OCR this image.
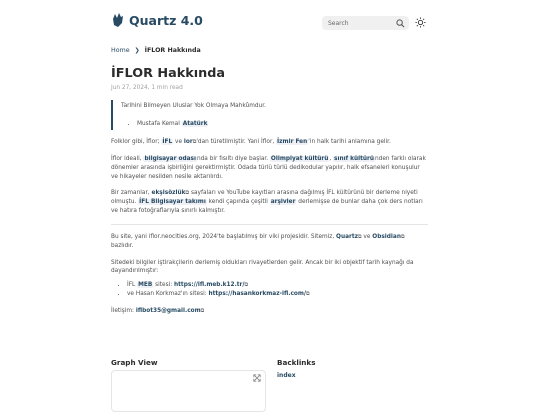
Quartz 4.0	Search
Home ❯ İFLOR Hakkında
İFLOR Hakkında
Jun 27, 2024, 1 min read
Tarihini Bilmeyen Uluslar Yok Olmaya Mahkûmdur.
• Mustafa Kemal Atatürk

Folklor gibi, İflor; İFL ve lor⧉'dan türetilmiştir. Yani İflor, İzmir Fen'in halk tarihi anlamına gelir.

İflor ideali, bilgisayar odasında bir fısıltı diye başlar. Olimpiyat kültürü, sınıf kültüründen farklı olarak dönemler arasında işbirliğini gerektirmiştir. Odada türlü türlü dedikodular yapılır, halk efsaneleri konuşulur ve hikayeler nesilden nesile aktarılırdı.

Bir zamanlar, ekşisözlük⧉ sayfaları ve YouTube kayıtları arasına dağılmış İFL kültürünü bir derleme niyeti olmuştu. İFL Bilgisayar takımı kendi çapında çeşitli arşivler derlemişse de bunlar daha çok ders notları ve hatıra fotoğraflarıyla sınırlı kalmıştır.

Bu site, yani iflor.neocities.org, 2024'te başlatılmış bir viki projesidir. Sitemiz, Quartz⧉ ve Obsidian⧉ bazlıdır.

Sitedeki bilgiler iştirakçilerin derlemiş oldukları rivayetlerden gelir. Ancak bir iki objektif tarih kaynağı da dayandırılmıştır:

• İFL MEB sitesi: https://ifl.meb.k12.tr/⧉
• ve Hasan Korkmaz'ın sitesi: https://hasankorkmaz-ifl.com/⧉

İletişim: iflbot35@gmail.com⧉

Graph View	Backlinks
index
